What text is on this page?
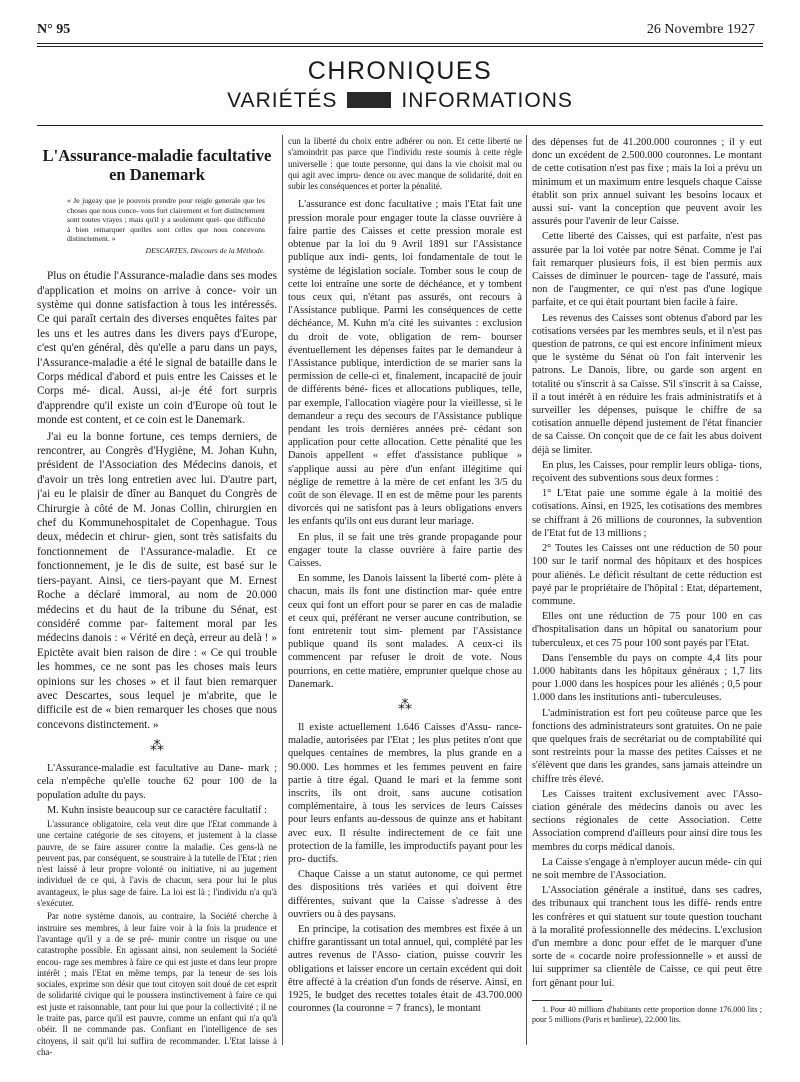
N° 95	26 Novembre 1927
CHRONIQUES
VARIÉTÉS	INFORMATIONS
L'Assurance-maladie facultative
en Danemark
« Je jugeay que je pouvois prendre pour reigle generale que les choses que nous conce- vons fort clairement et fort distinctement sont toutes vrayes ; mais qu'il y a seulement quel- que difficulté à bien remarquer quelles sont celles que nous concevons distinctement. »
DESCARTES, Discours de la Méthode.

Plus on étudie l'Assurance-maladie dans ses modes d'application et moins on arrive à conce- voir un système qui donne satisfaction à tous les intéressés. Ce qui paraît certain des diverses enquêtes faites par les uns et les autres dans les divers pays d'Europe, c'est qu'en général, dès qu'elle a paru dans un pays, l'Assurance-maladie a été le signal de bataille dans le Corps médical d'abord et puis entre les Caisses et le Corps mé- dical. Aussi, ai-je été fort surpris d'apprendre qu'il existe un coin d'Europe où tout le monde est content, et ce coin est le Danemark.

J'ai eu la bonne fortune, ces temps derniers, de rencontrer, au Congrès d'Hygiène, M. Johan Kuhn, président de l'Association des Médecins danois, et d'avoir un très long entretien avec lui. D'autre part, j'ai eu le plaisir de dîner au Banquet du Congrès de Chirurgie à côté de M. Jonas Collin, chirurgien en chef du Kommunehospitalet de Copenhague. Tous deux, médecin et chirur- gien, sont très satisfaits du fonctionnement de l'Assurance-maladie. Et ce fonctionnement, je le dis de suite, est basé sur le tiers-payant. Ainsi, ce tiers-payant que M. Ernest Roche a déclaré immoral, au nom de 20.000 médecins et du haut de la tribune du Sénat, est considéré comme par- faitement moral par les médecins danois : « Vérité en deçà, erreur au delà ! » Epictète avait bien raison de dire : « Ce qui trouble les hommes, ce ne sont pas les choses mais leurs opinions sur les choses » et il faut bien remarquer avec Descartes, sous lequel je m'abrite, que le difficile est de « bien remarquer les choses que nous concevons distinctement. »

⁂

L'Assurance-maladie est facultative au Dane- mark ; cela n'empêche qu'elle touche 62 pour 100 de la population adulte du pays.

M. Kuhn insiste beaucoup sur ce caractère facultatif :

L'assurance obligatoire, cela veut dire que l'Etat commande à une certaine catégorie de ses citoyens, et justement à la classe pauvre, de se faire assurer contre la maladie. Ces gens-là ne peuvent pas, par conséquent, se soustraire à la tutelle de l'Etat ; rien n'est laissé à leur propre volonté ou initiative, ni au jugement individuel de ce qui, à l'avis de chacun, sera pour lui le plus avantageux, le plus sage de faire. La loi est là ; l'individu n'a qu'à s'exécuter.

Par notre système danois, au contraire, la Société cherche à instruire ses membres, à leur faire voir à la fois la prudence et l'avantage qu'il y a de se pré- munir contre un risque ou une catastrophe possible. En agissant ainsi, non seulement la Société encou- rage ses membres à faire ce qui est juste et dans leur propre intérêt ; mais l'Etat en même temps, par la teneur de ses lois sociales, exprime son désir que tout citoyen soit doué de cet esprit de solidarité civique qui le poussera instinctivement à faire ce qui est juste et raisonnable, tant pour lui que pour la collectivité ; il ne le traite pas, parce qu'il est pauvre, comme un enfant qui n'a qu'à obéir. Il ne commande pas. Confiant en l'intelligence de ses citoyens, il sait qu'il lui suffira de recommander. L'Etat laisse à cha-

cun la liberté du choix entre adhérer ou non. Et cette liberté ne s'amoindrit pas parce que l'individu reste soumis à cette règle universelle : que toute personne, qui dans la vie choisit mal ou qui agit avec impru- dence ou avec manque de solidarité, doit en subir les conséquences et porter la pénalité.

L'assurance est donc facultative ; mais l'Etat fait une pression morale pour engager toute la classe ouvrière à faire partie des Caisses et cette pression morale est obtenue par la loi du 9 Avril 1891 sur l'Assistance publique aux indi- gents, loi fondamentale de tout le système de législation sociale. Tomber sous le coup de cette loi entraîne une sorte de déchéance, et y tombent tous ceux qui, n'étant pas assurés, ont recours à l'Assistance publique. Parmi les conséquences de cette déchéance, M. Kuhn m'a cité les suivantes : exclusion du droit de vote, obligation de rem- bourser éventuellement les dépenses faites par le demandeur à l'Assistance publique, interdiction de se marier sans la permission de celle-ci et, finalement, incapacité de jouir de différents béné- fices et allocations publiques, telle, par exemple, l'allocation viagère pour la vieillesse, si le demandeur a reçu des secours de l'Assistance publique pendant les trois dernières années pré- cédant son application pour cette allocation. Cette pénalité que les Danois appellent « effet d'assistance publique » s'applique aussi au père d'un enfant illégitime qui néglige de remettre à la mère de cet enfant les 3/5 du coût de son élevage. Il en est de même pour les parents divorcés qui ne satisfont pas à leurs obligations envers les enfants qu'ils ont eus durant leur mariage.

En plus, il se fait une très grande propagande pour engager toute la classe ouvrière à faire partie des Caisses.

En somme, les Danois laissent la liberté com- plète à chacun, mais ils font une distinction mar- quée entre ceux qui font un effort pour se parer en cas de maladie et ceux qui, préférant ne verser aucune contribution, se font entretenir tout sim- plement par l'Assistance publique quand ils sont malades. A ceux-ci ils commencent par refuser le droit de vote. Nous pourrions, en cette matière, emprunter quelque chose au Danemark.

⁂

Il existe actuellement 1.646 Caisses d'Assu- rance-maladie, autorisées par l'Etat ; les plus petites n'ont que quelques centaines de membres, la plus grande en a 90.000. Les hommes et les femmes peuvent en faire partie à titre égal. Quand le mari et la femme sont inscrits, ils ont droit, sans aucune cotisation complémentaire, à tous les services de leurs Caisses pour leurs enfants au-dessous de quinze ans et habitant avec eux. Il résulte indirectement de ce fait une protection de la famille, les improductifs payant pour les pro- ductifs.

Chaque Caisse a un statut autonome, ce qui permet des dispositions très variées et qui doivent être différentes, suivant que la Caisse s'adresse à des ouvriers ou à des paysans.

En principe, la cotisation des membres est fixée à un chiffre garantissant un total annuel, qui, complété par les autres revenus de l'Asso- ciation, puisse couvrir les obligations et laisser encore un certain excédent qui doit être affecté à la création d'un fonds de réserve. Ainsi, en 1925, le budget des recettes totales était de 43.700.000 couronnes (la couronne = 7 francs), le montant

des dépenses fut de 41.200.000 couronnes ; il y eut donc un excédent de 2.500.000 couronnes. Le montant de cette cotisation n'est pas fixe ; mais la loi a prévu un minimum et un maximum entre lesquels chaque Caisse établit son prix annuel suivant les besoins locaux et aussi sui- vant la conception que peuvent avoir les assurés pour l'avenir de leur Caisse.

Cette liberté des Caisses, qui est parfaite, n'est pas assurée par la loi votée par notre Sénat. Comme je l'ai fait remarquer plusieurs fois, il est bien permis aux Caisses de diminuer le pourcen- tage de l'assuré, mais non de l'augmenter, ce qui n'est pas d'une logique parfaite, et ce qui était pourtant bien facile à faire.

Les revenus des Caisses sont obtenus d'abord par les cotisations versées par les membres seuls, et il n'est pas question de patrons, ce qui est encore infiniment mieux que le système du Sénat où l'on fait intervenir les patrons. Le Danois, libre, ou garde son argent en totalité ou s'inscrit à sa Caisse. S'il s'inscrit à sa Caisse, il a tout intérêt à en réduire les frais administratifs et à surveiller les dépenses, puisque le chiffre de sa cotisation annuelle dépend justement de l'état financier de sa Caisse. On conçoit que de ce fait les abus doivent déjà se limiter.

En plus, les Caisses, pour remplir leurs obliga- tions, reçoivent des subventions sous deux formes :

1° L'Etat paie une somme égale à la moitié des cotisations. Ainsi, en 1925, les cotisations des membres se chiffrant à 26 millions de couronnes, la subvention de l'Etat fut de 13 millions ;

2° Toutes les Caisses ont une réduction de 50 pour 100 sur le tarif normal des hôpitaux et des hospices pour aliénés. Le déficit résultant de cette réduction est payé par le propriétaire de l'hôpital : Etat, département, commune.

Elles ont une réduction de 75 pour 100 en cas d'hospitalisation dans un hôpital ou sanatorium pour tuberculeux, et ces 75 pour 100 sont payés par l'Etat.

Dans l'ensemble du pays on compte 4,4 lits pour 1.000 habitants dans les hôpitaux généraux ; 1,7 lits pour 1.000 dans les hospices pour les aliénés ; 0,5 pour 1.000 dans les institutions anti- tuberculeuses.

L'administration est fort peu coûteuse parce que les fonctions des administrateurs sont gratuites. On ne paie que quelques frais de secrétariat ou de comptabilité qui sont restreints pour la masse des petites Caisses et ne s'élèvent que dans les grandes, sans jamais atteindre un chiffre très élevé.

Les Caisses traitent exclusivement avec l'Asso- ciation générale des médecins danois ou avec les sections régionales de cette Association. Cette Association comprend d'ailleurs pour ainsi dire tous les membres du corps médical danois.

La Caisse s'engage à n'employer aucun méde- cin qui ne soit membre de l'Association.

L'Association générale a institué, dans ses cadres, des tribunaux qui tranchent tous les diffé- rends entre les confrères et qui statuent sur toute question touchant à la moralité professionnelle des médecins. L'exclusion d'un membre a donc pour effet de le marquer d'une sorte de « cocarde noire professionnelle » et aussi de lui supprimer sa clientèle de Caisse, ce qui peut être fort gênant pour lui.

1. Pour 40 millions d'habitants cette proportion donne 176.000 lits ; pour 5 millions (Paris et banlieue), 22.000 lits.
